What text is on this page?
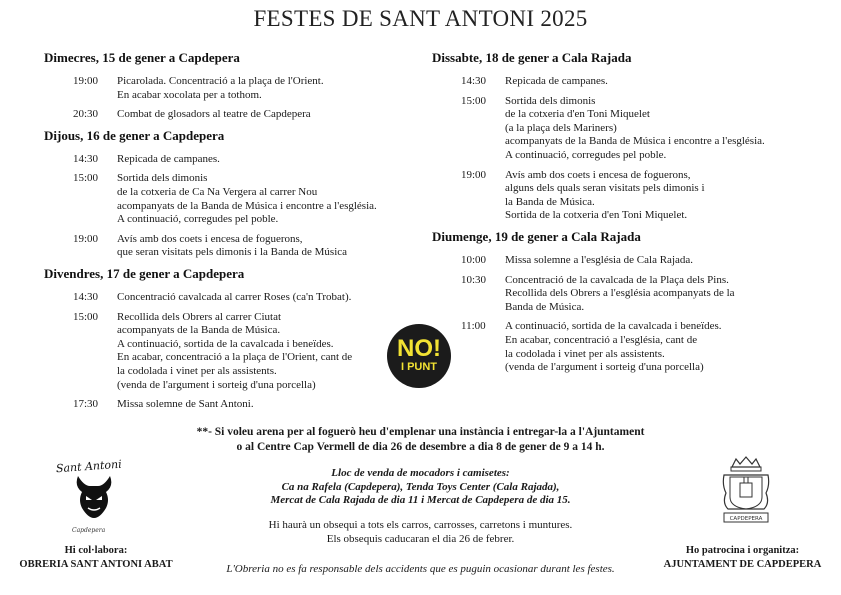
FESTES DE SANT ANTONI 2025
Dimecres, 15 de gener a Capdepera
19:00	Picarolada. Concentració a la plaça de l'Orient.
En acabar xocolata per a tothom.
20:30	Combat de glosadors al teatre de Capdepera
Dijous, 16 de gener a Capdepera
14:30	Repicada de campanes.
15:00	Sortida dels dimonis
de la cotxeria de Ca Na Vergera al carrer Nou
acompanyats de la Banda de Música i encontre a l'església.
A continuació, corregudes pel poble.
19:00	Avís amb dos coets i encesa de foguerons,
que seran visitats pels dimonis i la Banda de Música
Divendres, 17 de gener a Capdepera
14:30	Concentració cavalcada al carrer Roses (ca'n Trobat).
15:00	Recollida dels Obrers al carrer Ciutat
acompanyats de la Banda de Música.
A continuació, sortida de la cavalcada i beneïdes.
En acabar, concentració a la plaça de l'Orient, cant de
la codolada i vinet per als assistents.
(venda de l'argument i sorteig d'una porcella)
17:30	Missa solemne de Sant Antoni.
Dissabte, 18 de gener a Cala Rajada
14:30	Repicada de campanes.
15:00	Sortida dels dimonis
de la cotxeria d'en Toni Miquelet
(a la plaça dels Mariners)
acompanyats de la Banda de Música i encontre a l'església.
A continuació, corregudes pel poble.
19:00	Avís amb dos coets i encesa de foguerons,
alguns dels quals seran visitats pels dimonis i
la Banda de Música.
Sortida de la cotxeria d'en Toni Miquelet.
Diumenge, 19 de gener a Cala Rajada
10:00	Missa solemne a l'església de Cala Rajada.
10:30	Concentració de la cavalcada de la Plaça dels Pins.
Recollida dels Obrers a l'església acompanyats de la
Banda de Música.
11:00	A continuació, sortida de la cavalcada i beneïdes.
En acabar, concentració a l'església, cant de
la codolada i vinet per als assistents.
(venda de l'argument i sorteig d'una porcella)
NO!
I PUNT
**- Si voleu arena per al foguerò heu d'emplenar una instància i entregar-la a l'Ajuntament
o al Centre Cap Vermell de dia 26 de desembre a dia 8 de gener de 9 a 14 h.
Lloc de venda de mocadors i camisetes:
Ca na Rafela (Capdepera), Tenda Toys Center (Cala Rajada),
Mercat de Cala Rajada de dia 11 i Mercat de Capdepera de dia 15.
Hi haurà un obsequi a tots els carros, carrosses, carretons i muntures.
Els obsequis caducaran el dia 26 de febrer.
L'Obreria no es fa responsable dels accidents que es puguin ocasionar durant les festes.
Hi col·labora:
OBRERIA SANT ANTONI ABAT
Ho patrocina i organitza:
AJUNTAMENT DE CAPDEPERA
Sant Antoni
Capdepera
CAPDEPERA
